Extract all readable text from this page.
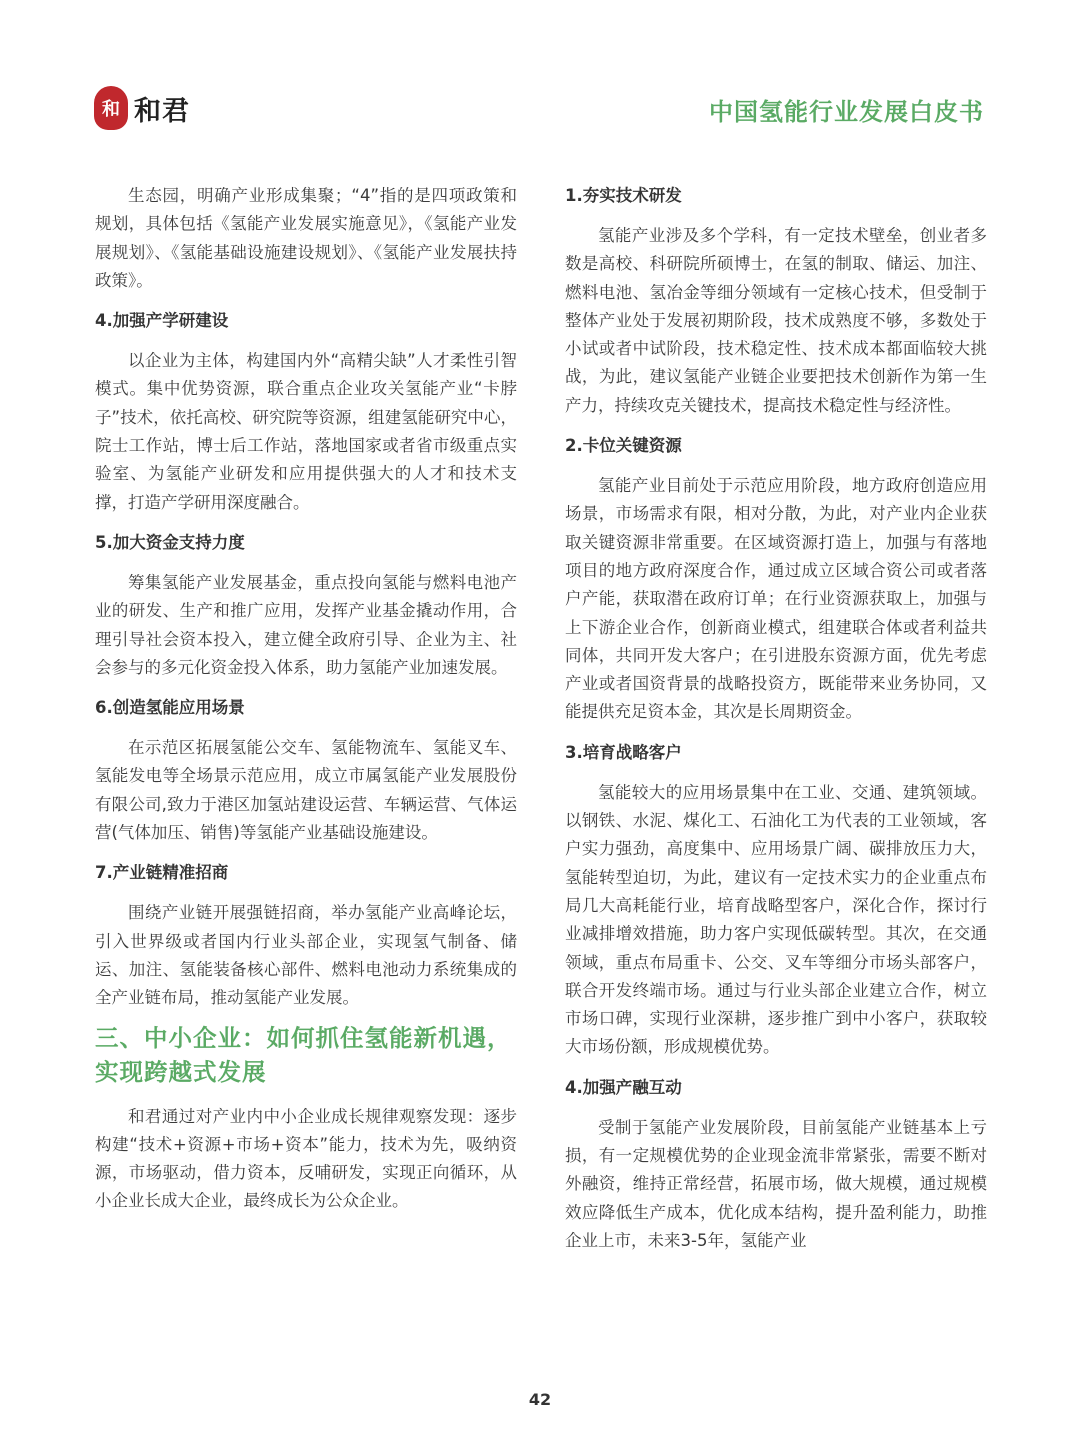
和 和君	中国氢能行业发展白皮书

生态园，明确产业形成集聚；“4”指的是四项政策和规划，具体包括《氢能产业发展实施意见》，《氢能产业发展规划》、《氢能基础设施建设规划》、《氢能产业发展扶持政策》。

4.加强产学研建设

以企业为主体，构建国内外“高精尖缺”人才柔性引智模式。集中优势资源，联合重点企业攻关氢能产业“卡脖子”技术，依托高校、研究院等资源，组建氢能研究中心，院士工作站，博士后工作站，落地国家或者省市级重点实验室、为氢能产业研发和应用提供强大的人才和技术支撑，打造产学研用深度融合。

5.加大资金支持力度

筹集氢能产业发展基金，重点投向氢能与燃料电池产业的研发、生产和推广应用，发挥产业基金撬动作用，合理引导社会资本投入，建立健全政府引导、企业为主、社会参与的多元化资金投入体系，助力氢能产业加速发展。

6.创造氢能应用场景

在示范区拓展氢能公交车、氢能物流车、氢能叉车、氢能发电等全场景示范应用，成立市属氢能产业发展股份有限公司,致力于港区加氢站建设运营、车辆运营、气体运营(气体加压、销售)等氢能产业基础设施建设。

7.产业链精准招商

围绕产业链开展强链招商，举办氢能产业高峰论坛，引入世界级或者国内行业头部企业，实现氢气制备、储运、加注、氢能装备核心部件、燃料电池动力系统集成的全产业链布局，推动氢能产业发展。

三、中小企业：如何抓住氢能新机遇，实现跨越式发展

和君通过对产业内中小企业成长规律观察发现：逐步构建“技术+资源+市场+资本”能力，技术为先，吸纳资源，市场驱动，借力资本，反哺研发，实现正向循环，从小企业长成大企业，最终成长为公众企业。

1.夯实技术研发

氢能产业涉及多个学科，有一定技术壁垒，创业者多数是高校、科研院所硕博士，在氢的制取、储运、加注、燃料电池、氢冶金等细分领域有一定核心技术，但受制于整体产业处于发展初期阶段，技术成熟度不够，多数处于小试或者中试阶段，技术稳定性、技术成本都面临较大挑战，为此，建议氢能产业链企业要把技术创新作为第一生产力，持续攻克关键技术，提高技术稳定性与经济性。

2.卡位关键资源

氢能产业目前处于示范应用阶段，地方政府创造应用场景，市场需求有限，相对分散，为此，对产业内企业获取关键资源非常重要。在区域资源打造上，加强与有落地项目的地方政府深度合作，通过成立区域合资公司或者落户产能，获取潜在政府订单；在行业资源获取上，加强与上下游企业合作，创新商业模式，组建联合体或者利益共同体，共同开发大客户；在引进股东资源方面，优先考虑产业或者国资背景的战略投资方，既能带来业务协同，又能提供充足资本金，其次是长周期资金。

3.培育战略客户

氢能较大的应用场景集中在工业、交通、建筑领域。以钢铁、水泥、煤化工、石油化工为代表的工业领域，客户实力强劲，高度集中、应用场景广阔、碳排放压力大，氢能转型迫切，为此，建议有一定技术实力的企业重点布局几大高耗能行业，培育战略型客户，深化合作，探讨行业减排增效措施，助力客户实现低碳转型。其次，在交通领域，重点布局重卡、公交、叉车等细分市场头部客户，联合开发终端市场。通过与行业头部企业建立合作，树立市场口碑，实现行业深耕，逐步推广到中小客户，获取较大市场份额，形成规模优势。

4.加强产融互动

受制于氢能产业发展阶段，目前氢能产业链基本上亏损，有一定规模优势的企业现金流非常紧张，需要不断对外融资，维持正常经营，拓展市场，做大规模，通过规模效应降低生产成本，优化成本结构，提升盈利能力，助推企业上市，未来3-5年，氢能产业

42
